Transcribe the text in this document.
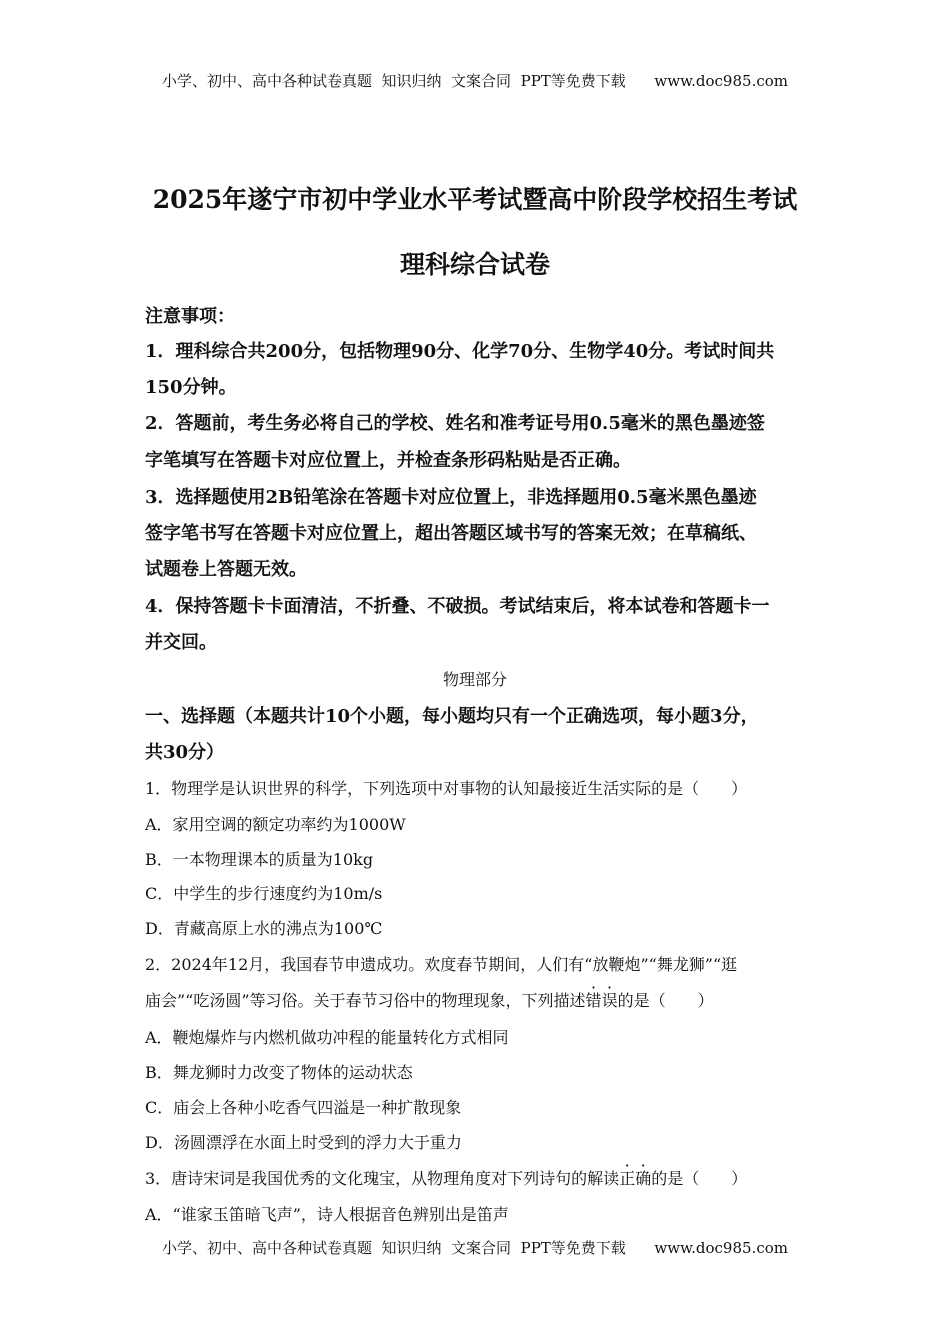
小学、初中、高中各种试卷真题  知识归纳  文案合同  PPT等免费下载      www.doc985.com
2025年遂宁市初中学业水平考试暨高中阶段学校招生考试
理科综合试卷
注意事项：
1．理科综合共200分，包括物理90分、化学70分、生物学40分。考试时间共
150分钟。
2．答题前，考生务必将自己的学校、姓名和准考证号用0.5毫米的黑色墨迹签
字笔填写在答题卡对应位置上，并检查条形码粘贴是否正确。
3．选择题使用2B铅笔涂在答题卡对应位置上，非选择题用0.5毫米黑色墨迹
签字笔书写在答题卡对应位置上，超出答题区域书写的答案无效；在草稿纸、
试题卷上答题无效。
4．保持答题卡卡面清洁，不折叠、不破损。考试结束后，将本试卷和答题卡一
并交回。
物理部分
一、选择题（本题共计10个小题，每小题均只有一个正确选项，每小题3分，
共30分）
1．物理学是认识世界的科学，下列选项中对事物的认知最接近生活实际的是（　　）
A．家用空调的额定功率约为1000W
B．一本物理课本的质量为10kg
C．中学生的步行速度约为10m/s
D．青藏高原上水的沸点为100℃
2．2024年12月，我国春节申遗成功。欢度春节期间，人们有“放鞭炮”“舞龙狮”“逛
庙会”“吃汤圆”等习俗。关于春节习俗中的物理现象，下列描述错误的是（　　）
A．鞭炮爆炸与内燃机做功冲程的能量转化方式相同
B．舞龙狮时力改变了物体的运动状态
C．庙会上各种小吃香气四溢是一种扩散现象
D．汤圆漂浮在水面上时受到的浮力大于重力
3．唐诗宋词是我国优秀的文化瑰宝，从物理角度对下列诗句的解读正确的是（　　）
A．“谁家玉笛暗飞声”，诗人根据音色辨别出是笛声
小学、初中、高中各种试卷真题  知识归纳  文案合同  PPT等免费下载      www.doc985.com
